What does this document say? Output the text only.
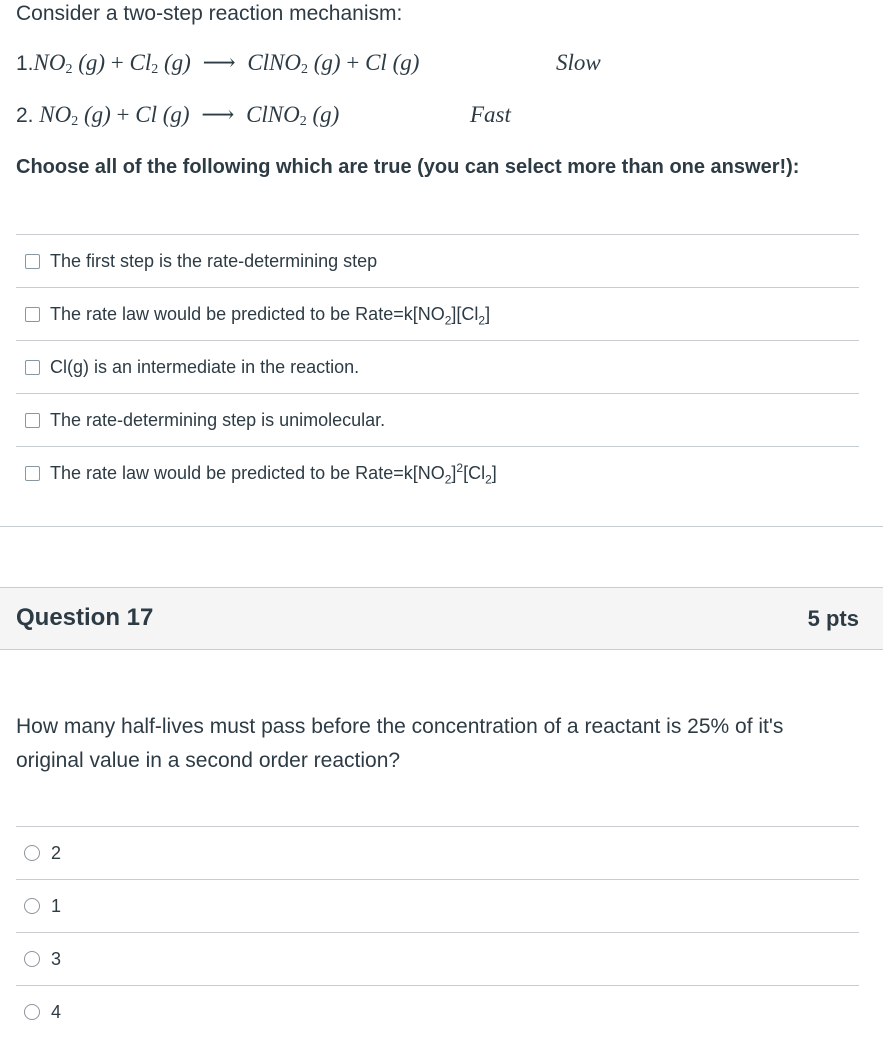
Consider a two-step reaction mechanism:
$1.NO_2$ $(g) + Cl_2$ (g) ⟶ ClNO$_2$ (g) + Cl (g)	Slow
2. $NO_2$ (g) + Cl (g) ⟶ ClNO$_2$ (g)	Fast
Choose all of the following which are true (you can select more than one answer!):
The first step is the rate-determining step
The rate law would be predicted to be $Rate=k[NO_2][Cl_2]$
Cl(g) is an intermediate in the reaction.
The rate-determining step is unimolecular.
The rate law would be predicted to be $Rate=k[NO_2]^2[Cl_2]$
Question 17	5 pts
How many half-lives must pass before the concentration of a reactant is 25% of it's original value in a second order reaction?
2
1
3
4
